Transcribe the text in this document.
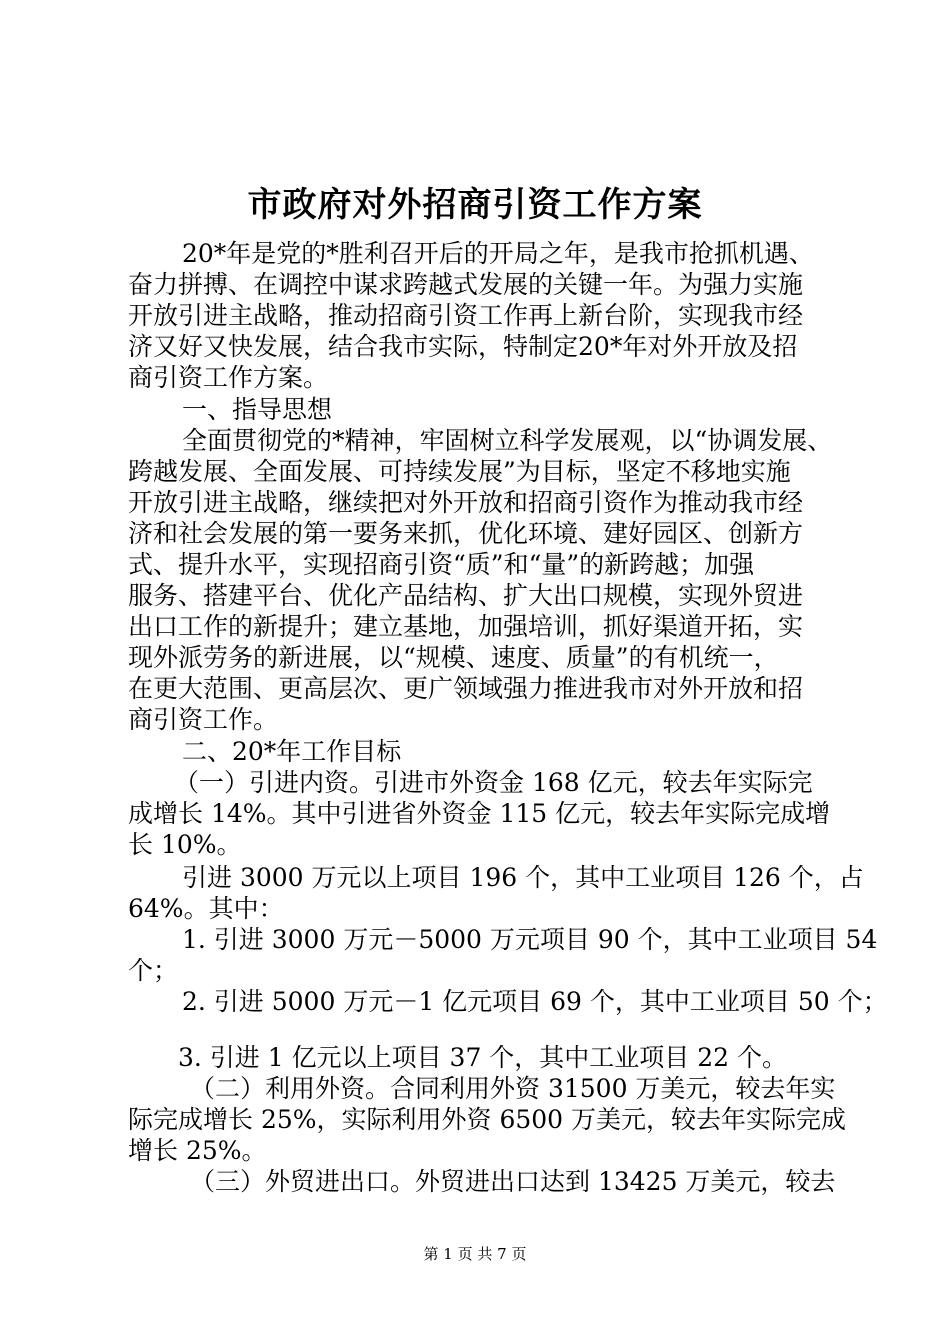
市政府对外招商引资工作方案
20*年是党的*胜利召开后的开局之年，是我市抢抓机遇、
奋力拼搏、在调控中谋求跨越式发展的关键一年。为强力实施
开放引进主战略，推动招商引资工作再上新台阶，实现我市经
济又好又快发展，结合我市实际，特制定20*年对外开放及招
商引资工作方案。
一、指导思想
全面贯彻党的*精神，牢固树立科学发展观，以“协调发展、
跨越发展、全面发展、可持续发展”为目标，坚定不移地实施
开放引进主战略，继续把对外开放和招商引资作为推动我市经
济和社会发展的第一要务来抓，优化环境、建好园区、创新方
式、提升水平，实现招商引资“质”和“量”的新跨越；加强
服务、搭建平台、优化产品结构、扩大出口规模，实现外贸进
出口工作的新提升；建立基地，加强培训，抓好渠道开拓，实
现外派劳务的新进展，以“规模、速度、质量”的有机统一，
在更大范围、更高层次、更广领域强力推进我市对外开放和招
商引资工作。
二、20*年工作目标
（一）引进内资。引进市外资金 168 亿元，较去年实际完
成增长 14%。其中引进省外资金 115 亿元，较去年实际完成增
长 10%。
引进 3000 万元以上项目 196 个，其中工业项目 126 个，占
64%。其中：
1. 引进 3000 万元－5000 万元项目 90 个，其中工业项目 54
个；
2. 引进 5000 万元－1 亿元项目 69 个，其中工业项目 50 个；
3. 引进 1 亿元以上项目 37 个，其中工业项目 22 个。
（二）利用外资。合同利用外资 31500 万美元，较去年实
际完成增长 25%，实际利用外资 6500 万美元，较去年实际完成
增长 25%。
（三）外贸进出口。外贸进出口达到 13425 万美元，较去
第 1 页 共 7 页
